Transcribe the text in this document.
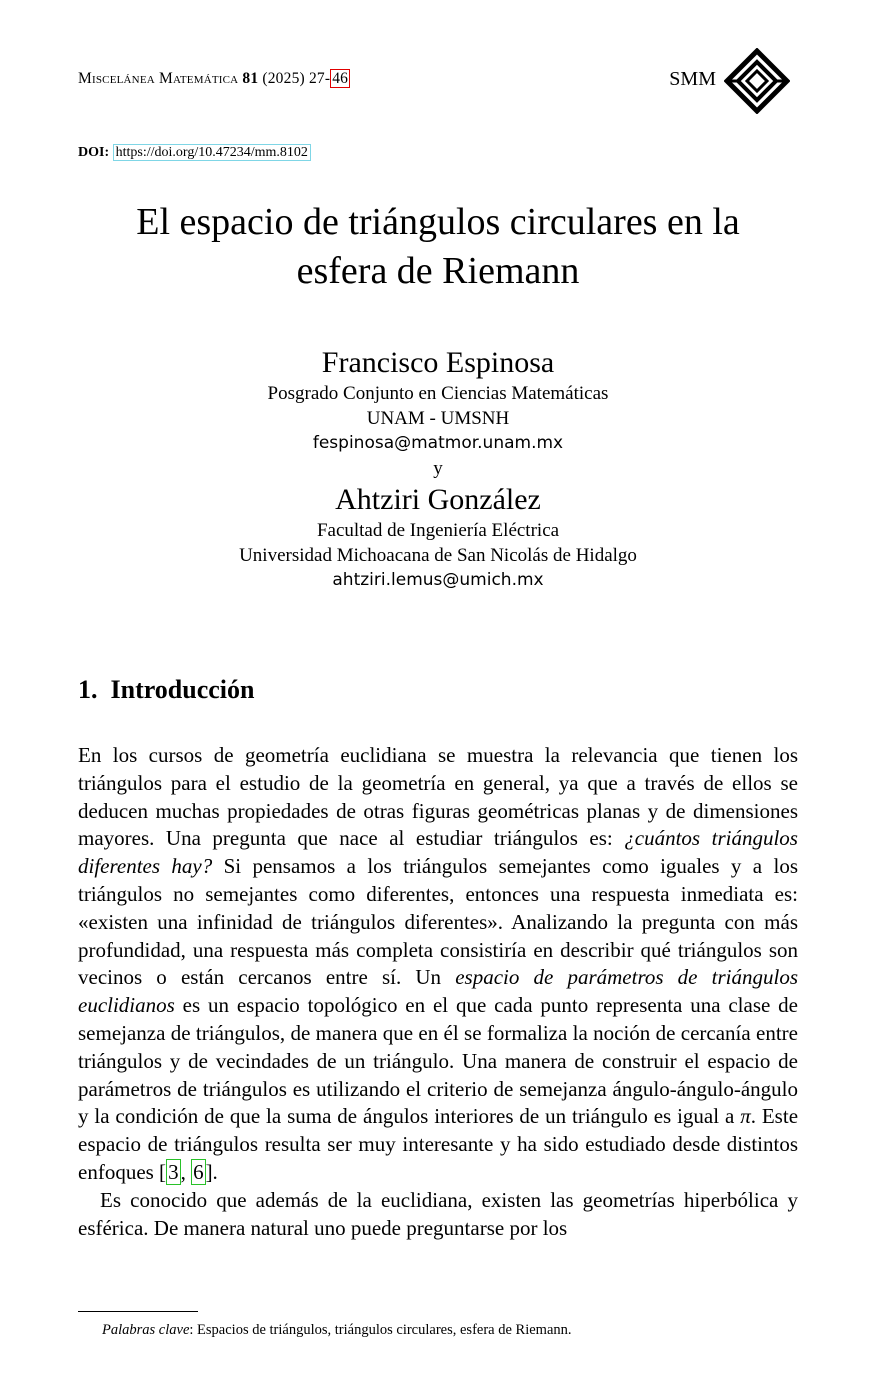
Miscelánea Matemática 81 (2025) 27- 46	SMM
DOI: https://doi.org/10.47234/mm.8102
El espacio de triángulos circulares en la
esfera de Riemann
Francisco Espinosa
Posgrado Conjunto en Ciencias Matemáticas
UNAM - UMSNH
fespinosa@matmor.unam.mx
y
Ahtziri González
Facultad de Ingeniería Eléctrica
Universidad Michoacana de San Nicolás de Hidalgo
ahtziri.lemus@umich.mx
1. Introducción

En los cursos de geometría euclidiana se muestra la relevancia que tienen los triángulos para el estudio de la geometría en general, ya que a través de ellos se deducen muchas propiedades de otras figuras geométricas planas y de dimensiones mayores. Una pregunta que nace al estudiar triángulos es: ¿cuántos triángulos diferentes hay? Si pensamos a los triángulos semejantes como iguales y a los triángulos no semejantes como diferentes, entonces una respuesta inmediata es: «existen una infinidad de triángulos diferentes». Analizando la pregunta con más profundidad, una respuesta más completa consistiría en describir qué triángulos son vecinos o están cercanos entre sí. Un espacio de parámetros de triángulos euclidianos es un espacio topológico en el que cada punto representa una clase de semejanza de triángulos, de manera que en él se formaliza la noción de cercanía entre triángulos y de vecindades de un triángulo. Una manera de construir el espacio de parámetros de triángulos es utilizando el criterio de semejanza ángulo-ángulo-ángulo y la condición de que la suma de ángulos interiores de un triángulo es igual a π. Este espacio de triángulos resulta ser muy interesante y ha sido estudiado desde distintos enfoques [3, 6].

Es conocido que además de la euclidiana, existen las geometrías hiperbólica y esférica. De manera natural uno puede preguntarse por los

Palabras clave: Espacios de triángulos, triángulos circulares, esfera de Riemann.
